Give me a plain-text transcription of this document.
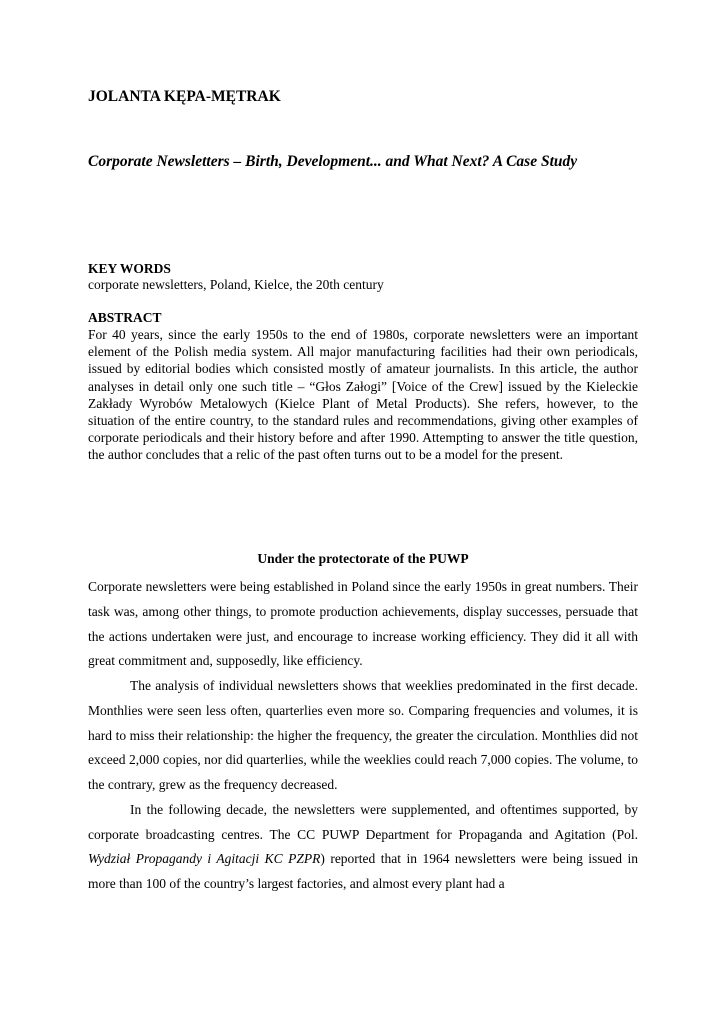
JOLANTA KĘPA-MĘTRAK
Corporate Newsletters – Birth, Development... and What Next? A Case Study
KEY WORDS
corporate newsletters, Poland, Kielce, the 20th century
ABSTRACT

For 40 years, since the early 1950s to the end of 1980s, corporate newsletters were an important element of the Polish media system. All major manufacturing facilities had their own periodicals, issued by editorial bodies which consisted mostly of amateur journalists. In this article, the author analyses in detail only one such title – “Głos Załogi” [Voice of the Crew] issued by the Kieleckie Zakłady Wyrobów Metalowych (Kielce Plant of Metal Products). She refers, however, to the situation of the entire country, to the standard rules and recommendations, giving other examples of corporate periodicals and their history before and after 1990. Attempting to answer the title question, the author concludes that a relic of the past often turns out to be a model for the present.

Under the protectorate of the PUWP

Corporate newsletters were being established in Poland since the early 1950s in great numbers. Their task was, among other things, to promote production achievements, display successes, persuade that the actions undertaken were just, and encourage to increase working efficiency. They did it all with great commitment and, supposedly, like efficiency.

The analysis of individual newsletters shows that weeklies predominated in the first decade. Monthlies were seen less often, quarterlies even more so. Comparing frequencies and volumes, it is hard to miss their relationship: the higher the frequency, the greater the circulation. Monthlies did not exceed 2,000 copies, nor did quarterlies, while the weeklies could reach 7,000 copies. The volume, to the contrary, grew as the frequency decreased.

In the following decade, the newsletters were supplemented, and oftentimes supported, by corporate broadcasting centres. The CC PUWP Department for Propaganda and Agitation (Pol. Wydział Propagandy i Agitacji KC PZPR) reported that in 1964 newsletters were being issued in more than 100 of the country’s largest factories, and almost every plant had a
